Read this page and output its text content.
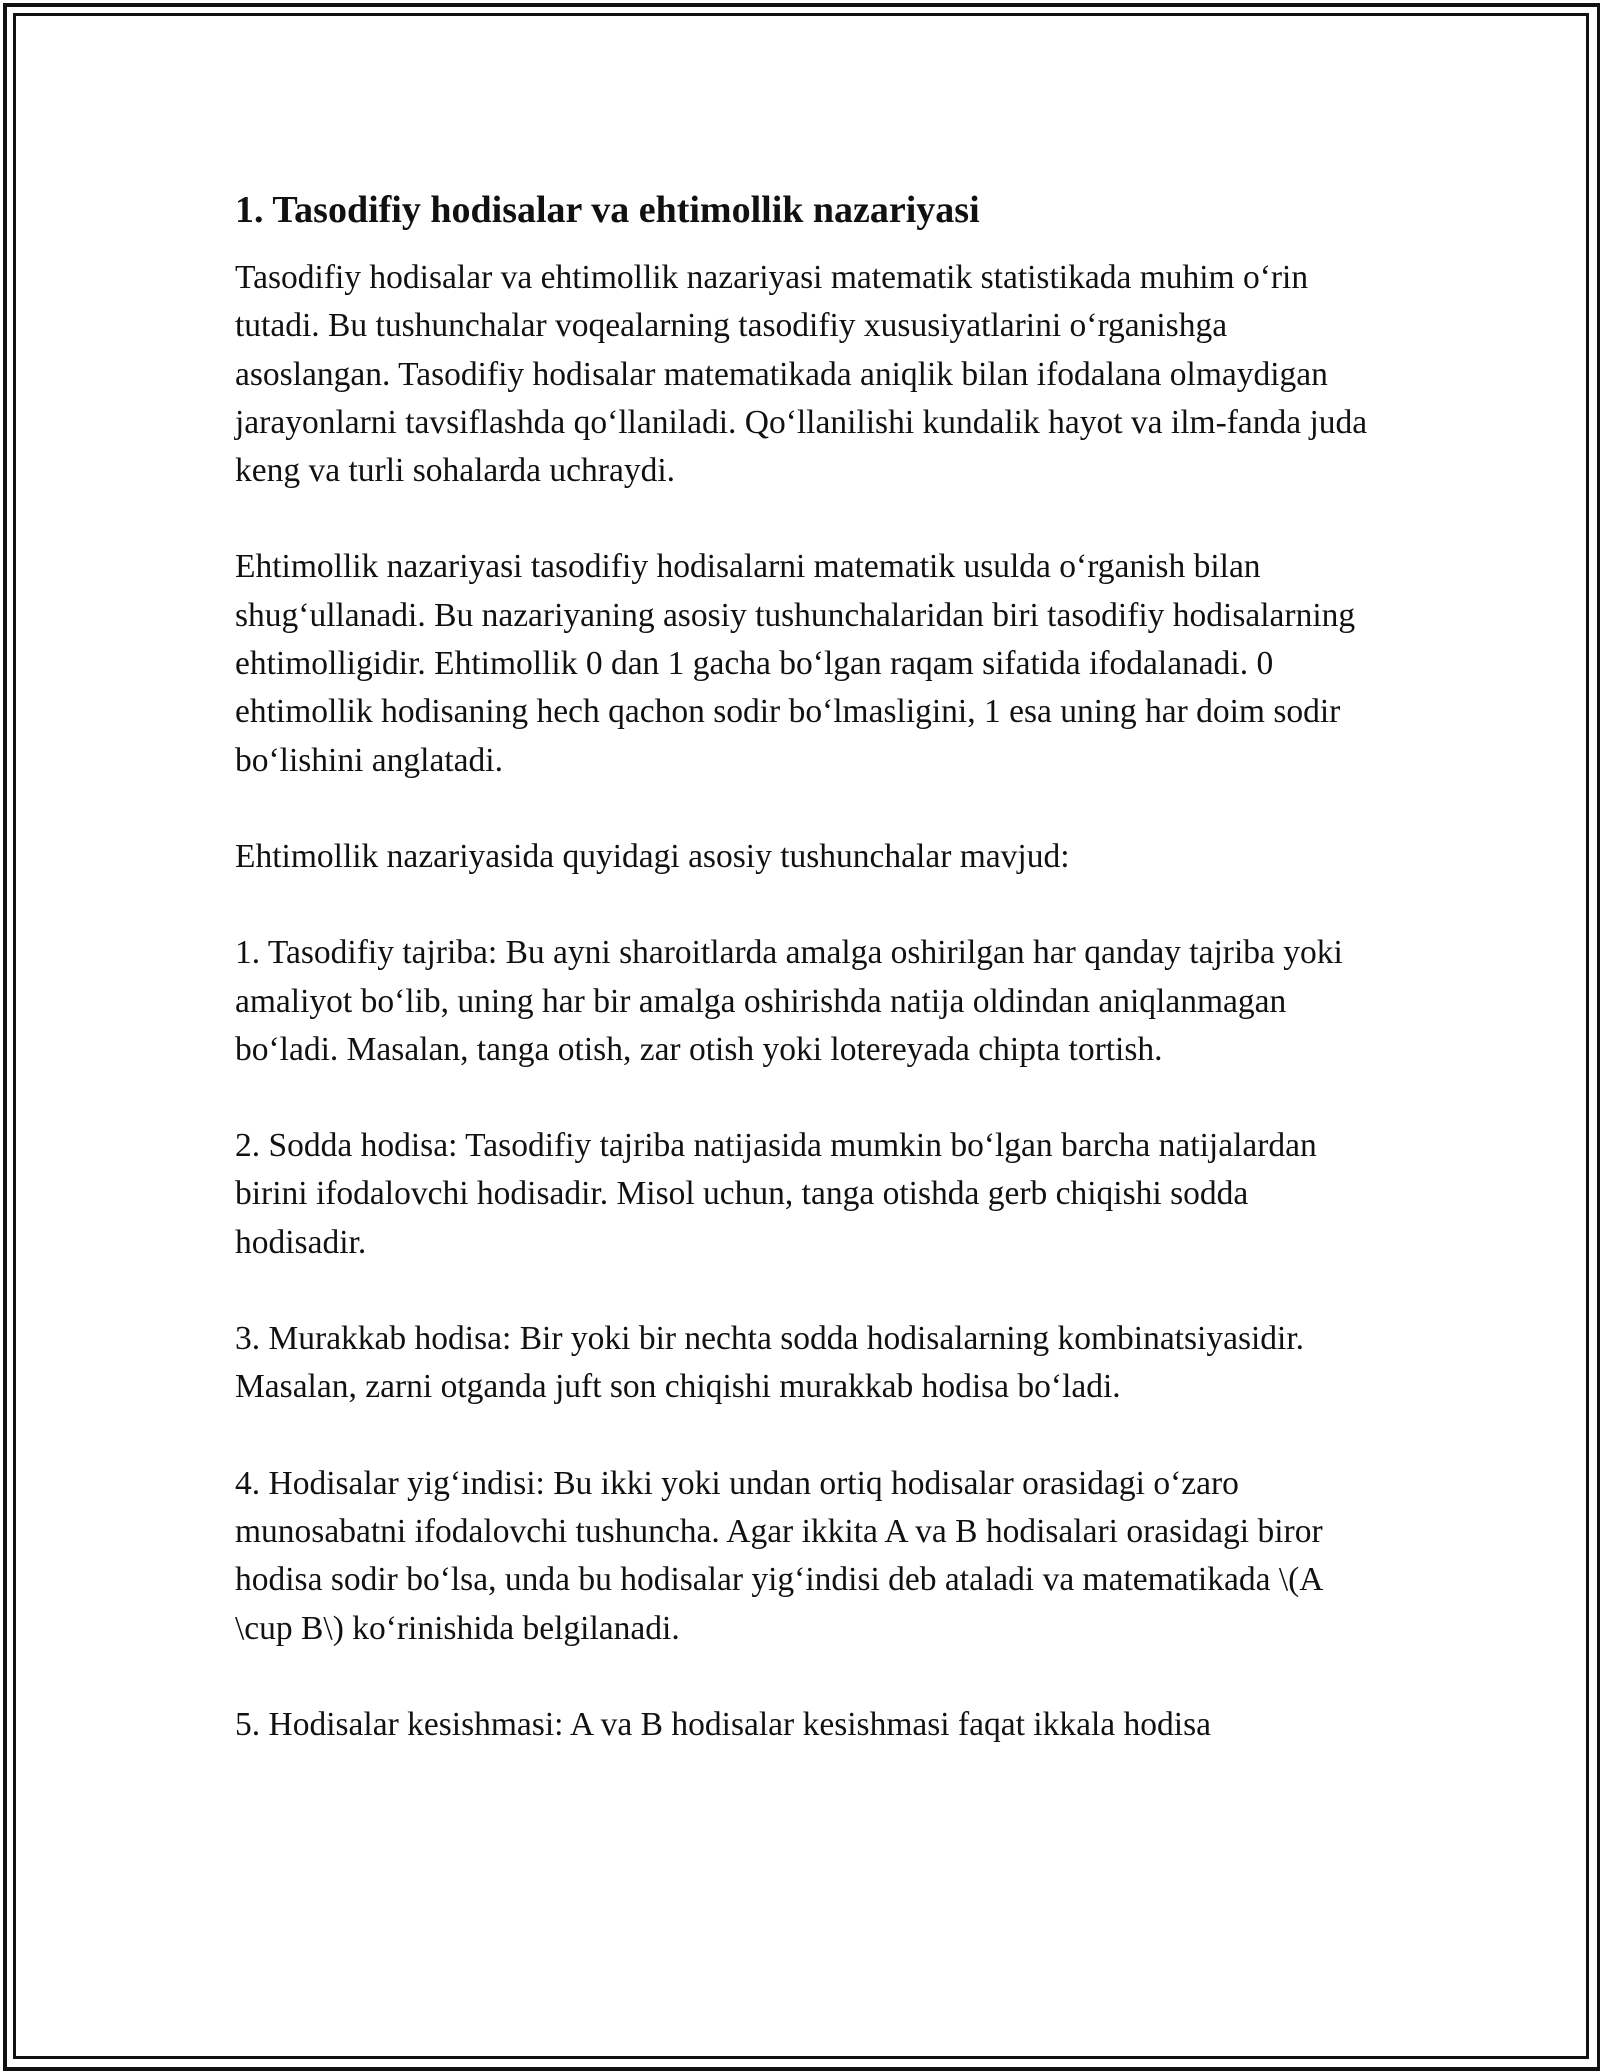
1. Tasodifiy hodisalar va ehtimollik nazariyasi

Tasodifiy hodisalar va ehtimollik nazariyasi matematik statistikada muhim o‘rin tutadi. Bu tushunchalar voqealarning tasodifiy xususiyatlarini o‘rganishga asoslangan. Tasodifiy hodisalar matematikada aniqlik bilan ifodalana olmaydigan jarayonlarni tavsiflashda qo‘llaniladi. Qo‘llanilishi kundalik hayot va ilm-fanda juda keng va turli sohalarda uchraydi.

Ehtimollik nazariyasi tasodifiy hodisalarni matematik usulda o‘rganish bilan shug‘ullanadi. Bu nazariyaning asosiy tushunchalaridan biri tasodifiy hodisalarning ehtimolligidir. Ehtimollik 0 dan 1 gacha bo‘lgan raqam sifatida ifodalanadi. 0 ehtimollik hodisaning hech qachon sodir bo‘lmasligini, 1 esa uning har doim sodir bo‘lishini anglatadi.

Ehtimollik nazariyasida quyidagi asosiy tushunchalar mavjud:

1. Tasodifiy tajriba: Bu ayni sharoitlarda amalga oshirilgan har qanday tajriba yoki amaliyot bo‘lib, uning har bir amalga oshirishda natija oldindan aniqlanmagan bo‘ladi. Masalan, tanga otish, zar otish yoki lotereyada chipta tortish.

2. Sodda hodisa: Tasodifiy tajriba natijasida mumkin bo‘lgan barcha natijalardan birini ifodalovchi hodisadir. Misol uchun, tanga otishda gerb chiqishi sodda hodisadir.

3. Murakkab hodisa: Bir yoki bir nechta sodda hodisalarning kombinatsiyasidir. Masalan, zarni otganda juft son chiqishi murakkab hodisa bo‘ladi.

4. Hodisalar yig‘indisi: Bu ikki yoki undan ortiq hodisalar orasidagi o‘zaro munosabatni ifodalovchi tushuncha. Agar ikkita A va B hodisalari orasidagi biror hodisa sodir bo‘lsa, unda bu hodisalar yig‘indisi deb ataladi va matematikada \(A \cup B\) ko‘rinishida belgilanadi.

5. Hodisalar kesishmasi: A va B hodisalar kesishmasi faqat ikkala hodisa
